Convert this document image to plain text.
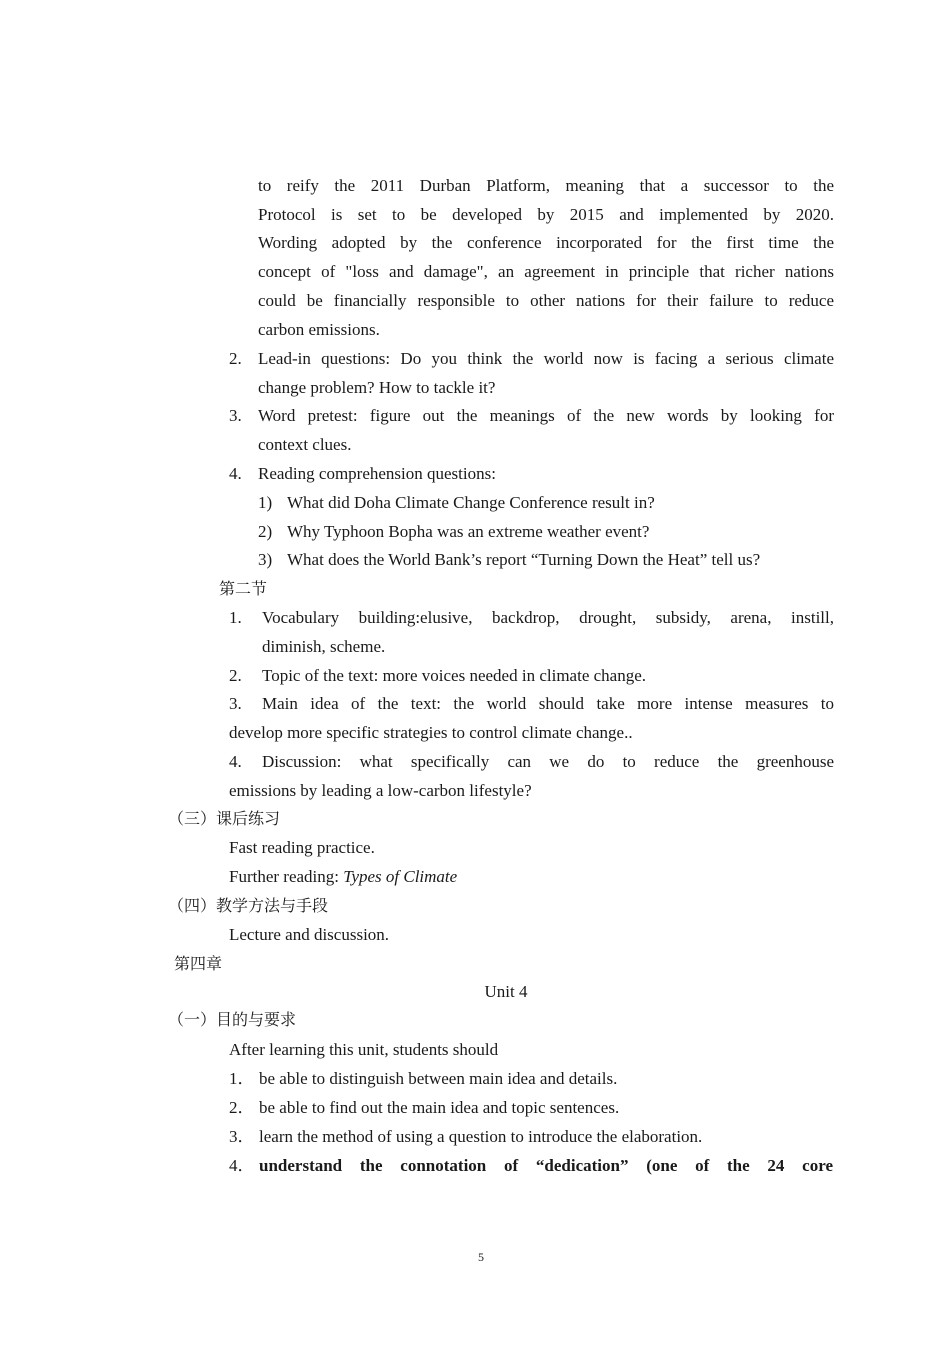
to reify the 2011 Durban Platform, meaning that a successor to the
Protocol is set to be developed by 2015 and implemented by 2020.
Wording adopted by the conference incorporated for the first time the
concept of "loss and damage", an agreement in principle that richer nations
could be financially responsible to other nations for their failure to reduce
carbon emissions.
2. Lead-in questions: Do you think the world now is facing a serious climate
change problem? How to tackle it?
3. Word pretest: figure out the meanings of the new words by looking for
context clues.
4. Reading comprehension questions:
1) What did Doha Climate Change Conference result in?
2) Why Typhoon Bopha was an extreme weather event?
3) What does the World Bank’s report “Turning Down the Heat” tell us?
第二节
1. Vocabulary building:elusive, backdrop, drought, subsidy, arena, instill,
diminish, scheme.
2. Topic of the text: more voices needed in climate change.
3. Main idea of the text: the world should take more intense measures to
develop more specific strategies to control climate change..
4. Discussion: what specifically can we do to reduce the greenhouse
emissions by leading a low-carbon lifestyle?
（三）课后练习
Fast reading practice.
Further reading: Types of Climate
（四）教学方法与手段
Lecture and discussion.
第四章
Unit 4
（一）目的与要求
After learning this unit, students should
1． be able to distinguish between main idea and details.
2． be able to find out the main idea and topic sentences.
3． learn the method of using a question to introduce the elaboration.
4． understand the connotation of “dedication” (one of the 24 core
5
